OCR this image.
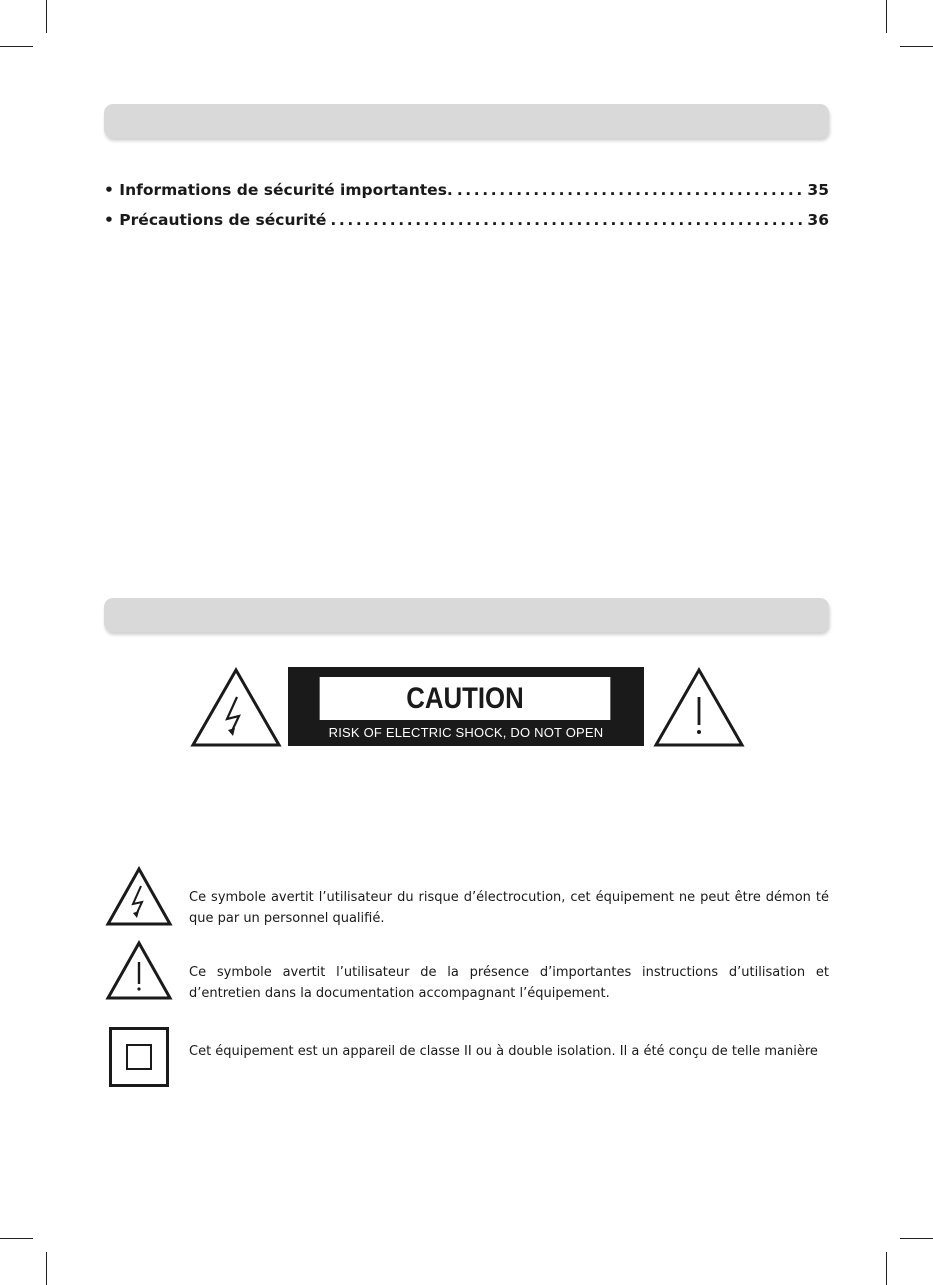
• Informations de sécurité importantes. .....	35
• Précautions de sécurité .....	36
CAUTION
RISK OF ELECTRIC SHOCK, DO NOT OPEN
Ce symbole avertit l’utilisateur du risque d’électrocution, cet équipement ne peut être démon té que par un personnel qualifié.
Ce symbole avertit l’utilisateur de la présence d’importantes instructions d’utilisation et d’entretien dans la documentation accompagnant l’équipement.
Cet équipement est un appareil de classe II ou à double isolation. Il a été conçu de telle manière
